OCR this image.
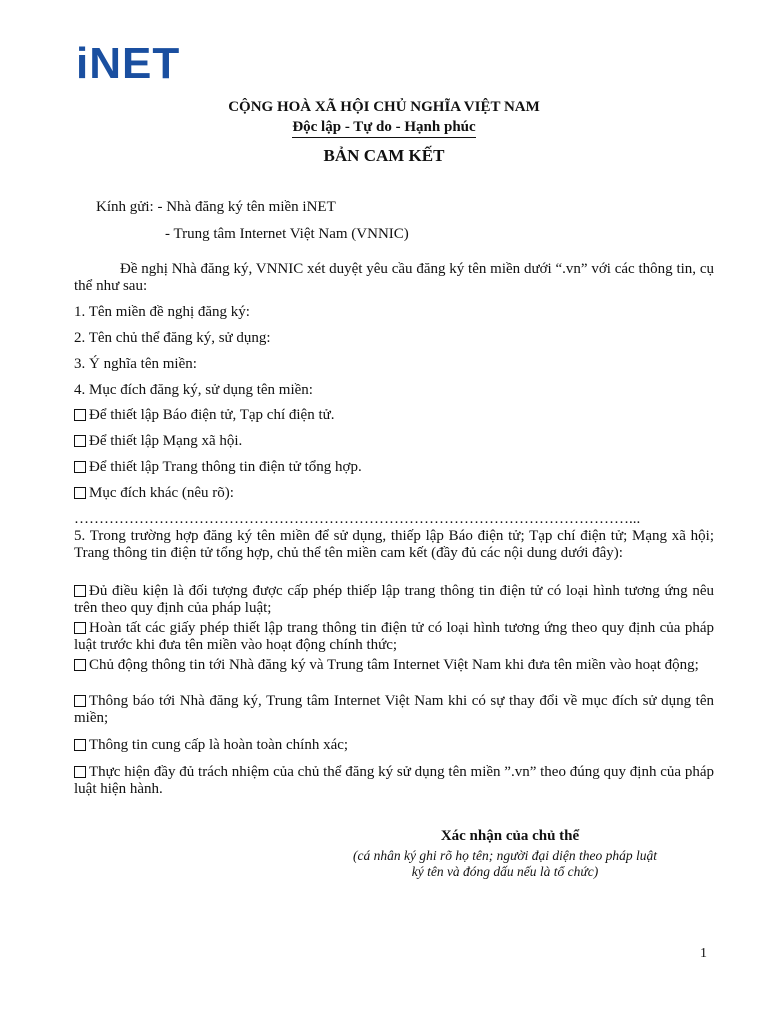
iNET
CỘNG HOÀ XÃ HỘI CHỦ NGHĨA VIỆT NAM
Độc lập - Tự do - Hạnh phúc
BẢN CAM KẾT
Kính gửi: - Nhà đăng ký tên miền iNET
- Trung tâm Internet Việt Nam (VNNIC)
Đề nghị Nhà đăng ký, VNNIC xét duyệt yêu cầu đăng ký tên miền dưới “.vn” với các thông tin, cụ thể như sau:
1. Tên miền đề nghị đăng ký:
2. Tên chủ thể đăng ký, sử dụng:
3. Ý nghĩa tên miền:
4. Mục đích đăng ký, sử dụng tên miền:
Để thiết lập Báo điện tử, Tạp chí điện tử.
Để thiết lập Mạng xã hội.
Để thiết lập Trang thông tin điện tử tổng hợp.
Mục đích khác (nêu rõ):
…………………………………………………………………………………………………...
5. Trong trường hợp đăng ký tên miền để sử dụng, thiếp lập Báo điện tử; Tạp chí điện tử; Mạng xã hội; Trang thông tin điện tử tổng hợp, chủ thể tên miền cam kết (đầy đủ các nội dung dưới đây):
Đủ điều kiện là đối tượng được cấp phép thiếp lập trang thông tin điện tử có loại hình tương ứng nêu trên theo quy định của pháp luật;
Hoàn tất các giấy phép thiết lập trang thông tin điện tử có loại hình tương ứng theo quy định của pháp luật trước khi đưa tên miền vào hoạt động chính thức;
Chủ động thông tin tới Nhà đăng ký và Trung tâm Internet Việt Nam khi đưa tên miền vào hoạt động;
Thông báo tới Nhà đăng ký, Trung tâm Internet Việt Nam khi có sự thay đổi về mục đích sử dụng tên miền;
Thông tin cung cấp là hoàn toàn chính xác;
Thực hiện đầy đủ trách nhiệm của chủ thể đăng ký sử dụng tên miền ”.vn” theo đúng quy định của pháp luật hiện hành.
Xác nhận của chủ thể
(cá nhân ký ghi rõ họ tên; người đại diện theo pháp luật ký tên và đóng dấu nếu là tổ chức)
1
